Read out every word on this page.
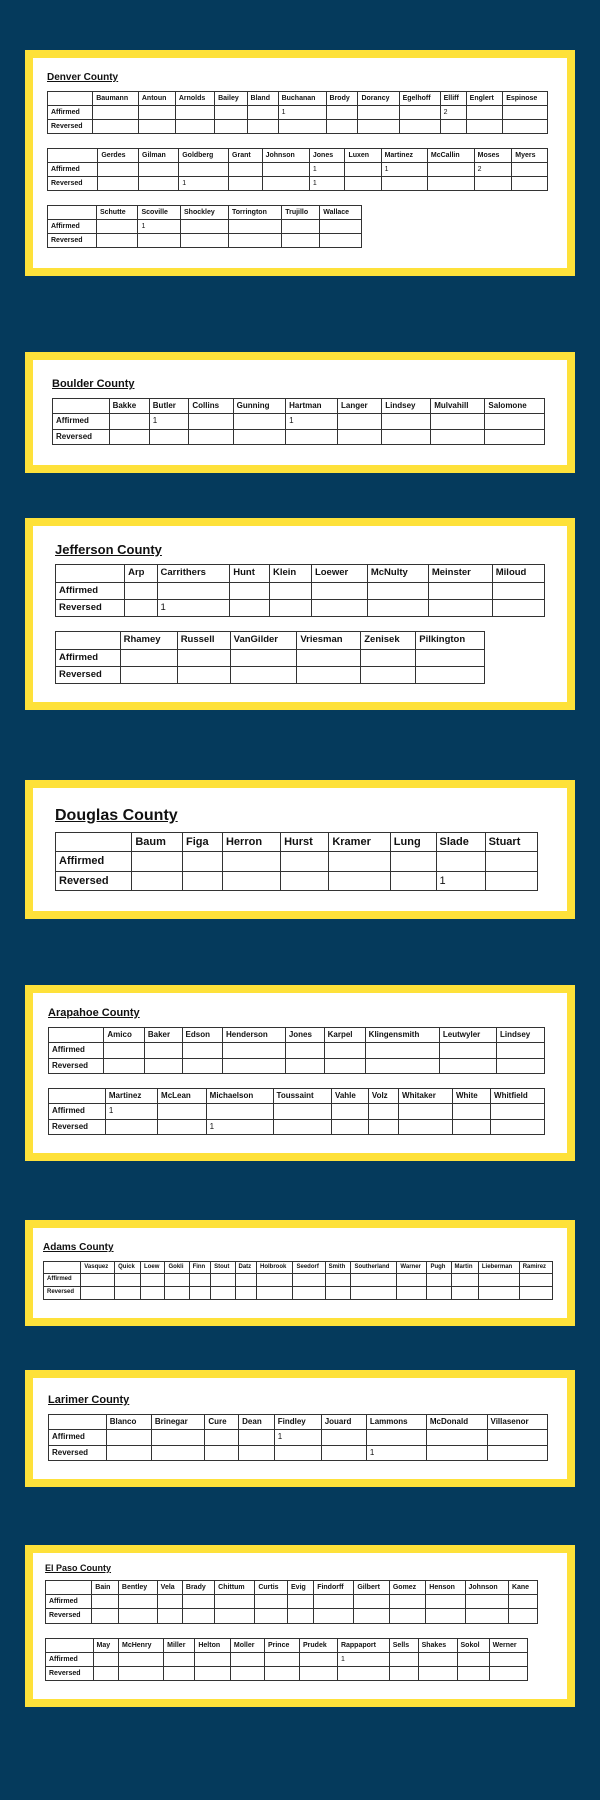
Denver County
	Baumann	Antoun	Arnolds	Bailey	Bland	Buchanan	Brody	Dorancy	Egelhoff	Elliff	Englert	Espinose
Affirmed						1				2		
Reversed												
	Gerdes	Gilman	Goldberg	Grant	Johnson	Jones	Luxen	Martinez	McCallin	Moses	Myers
Affirmed						1		1		2	
Reversed			1			1					
	Schutte	Scoville	Shockley	Torrington	Trujillo	Wallace
Affirmed		1				
Reversed						
Boulder County
	Bakke	Butler	Collins	Gunning	Hartman	Langer	Lindsey	Mulvahill	Salomone
Affirmed		1			1				
Reversed									
Jefferson County
	Arp	Carrithers	Hunt	Klein	Loewer	McNulty	Meinster	Miloud
Affirmed								
Reversed		1						
	Rhamey	Russell	VanGilder	Vriesman	Zenisek	Pilkington
Affirmed						
Reversed						
Douglas County
	Baum	Figa	Herron	Hurst	Kramer	Lung	Slade	Stuart
Affirmed								
Reversed							1	
Arapahoe County
	Amico	Baker	Edson	Henderson	Jones	Karpel	Klingensmith	Leutwyler	Lindsey
Affirmed									
Reversed									
	Martinez	McLean	Michaelson	Toussaint	Vahle	Volz	Whitaker	White	Whitfield
Affirmed	1								
Reversed			1						
Adams County
	Vasquez	Quick	Loew	Gokli	Finn	Stout	Datz	Holbrook	Seedorf	Smith	Southerland	Warner	Pugh	Martin	Lieberman	Ramirez
Affirmed																
Reversed																
Larimer County
	Blanco	Brinegar	Cure	Dean	Findley	Jouard	Lammons	McDonald	Villasenor
Affirmed					1				
Reversed							1		
El Paso County
	Bain	Bentley	Vela	Brady	Chittum	Curtis	Evig	Findorff	Gilbert	Gomez	Henson	Johnson	Kane
Affirmed													
Reversed													
	May	McHenry	Miller	Helton	Moller	Prince	Prudek	Rappaport	Sells	Shakes	Sokol	Werner
Affirmed								1				
Reversed												
